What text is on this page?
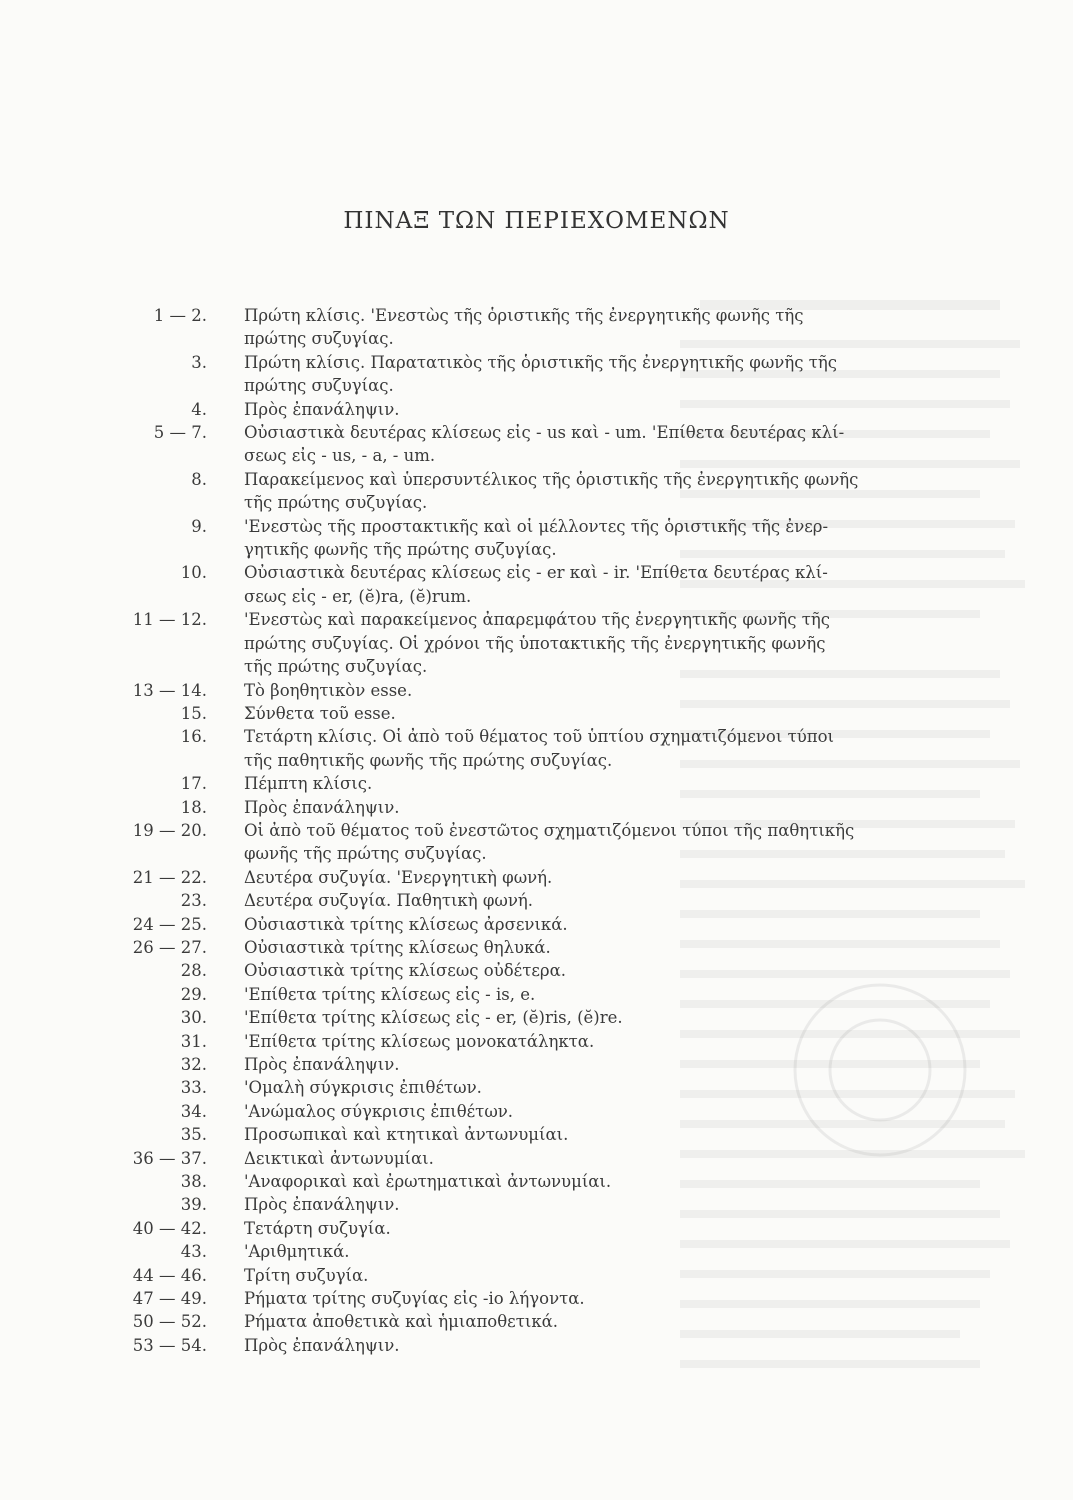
ΠΙΝΑΞ ΤΩΝ ΠΕΡΙΕΧΟΜΕΝΩΝ
1 — 2. Πρώτη κλίσις. 'Ενεστὼς τῆς ὁριστικῆς τῆς ἐνεργητικῆς φωνῆς τῆς
πρώτης συζυγίας.
3. Πρώτη κλίσις. Παρατατικὸς τῆς ὁριστικῆς τῆς ἐνεργητικῆς φωνῆς τῆς
πρώτης συζυγίας.
4. Πρὸς ἐπανάληψιν.
5 — 7. Οὐσιαστικὰ δευτέρας κλίσεως εἰς - us καὶ - um. 'Επίθετα δευτέρας κλί-
σεως εἰς - us, - a, - um.
8. Παρακείμενος καὶ ὑπερσυντέλικος τῆς ὁριστικῆς τῆς ἐνεργητικῆς φωνῆς
τῆς πρώτης συζυγίας.
9. 'Ενεστὼς τῆς προστακτικῆς καὶ οἱ μέλλοντες τῆς ὁριστικῆς τῆς ἐνερ-
γητικῆς φωνῆς τῆς πρώτης συζυγίας.
10. Οὐσιαστικὰ δευτέρας κλίσεως εἰς - er καὶ - ir. 'Επίθετα δευτέρας κλί-
σεως εἰς - er, (ĕ)ra, (ĕ)rum.
11 — 12. 'Ενεστὼς καὶ παρακείμενος ἀπαρεμφάτου τῆς ἐνεργητικῆς φωνῆς τῆς
πρώτης συζυγίας. Οἱ χρόνοι τῆς ὑποτακτικῆς τῆς ἐνεργητικῆς φωνῆς
τῆς πρώτης συζυγίας.
13 — 14. Τὸ βοηθητικὸν esse.
15. Σύνθετα τοῦ esse.
16. Τετάρτη κλίσις. Οἱ ἀπὸ τοῦ θέματος τοῦ ὑπτίου σχηματιζόμενοι τύποι
τῆς παθητικῆς φωνῆς τῆς πρώτης συζυγίας.
17. Πέμπτη κλίσις.
18. Πρὸς ἐπανάληψιν.
19 — 20. Οἱ ἀπὸ τοῦ θέματος τοῦ ἐνεστῶτος σχηματιζόμενοι τύποι τῆς παθητικῆς
φωνῆς τῆς πρώτης συζυγίας.
21 — 22. Δευτέρα συζυγία. 'Ενεργητικὴ φωνή.
23. Δευτέρα συζυγία. Παθητικὴ φωνή.
24 — 25. Οὐσιαστικὰ τρίτης κλίσεως ἀρσενικά.
26 — 27. Οὐσιαστικὰ τρίτης κλίσεως θηλυκά.
28. Οὐσιαστικὰ τρίτης κλίσεως οὐδέτερα.
29. 'Επίθετα τρίτης κλίσεως εἰς - is, e.
30. 'Επίθετα τρίτης κλίσεως εἰς - er, (ĕ)ris, (ĕ)re.
31. 'Επίθετα τρίτης κλίσεως μονοκατάληκτα.
32. Πρὸς ἐπανάληψιν.
33. 'Ομαλὴ σύγκρισις ἐπιθέτων.
34. 'Ανώμαλος σύγκρισις ἐπιθέτων.
35. Προσωπικαὶ καὶ κτητικαὶ ἀντωνυμίαι.
36 — 37. Δεικτικαὶ ἀντωνυμίαι.
38. 'Αναφορικαὶ καὶ ἐρωτηματικαὶ ἀντωνυμίαι.
39. Πρὸς ἐπανάληψιν.
40 — 42. Τετάρτη συζυγία.
43. 'Αριθμητικά.
44 — 46. Τρίτη συζυγία.
47 — 49. Ρήματα τρίτης συζυγίας εἰς -io λήγοντα.
50 — 52. Ρήματα ἀποθετικὰ καὶ ἡμιαποθετικά.
53 — 54. Πρὸς ἐπανάληψιν.
